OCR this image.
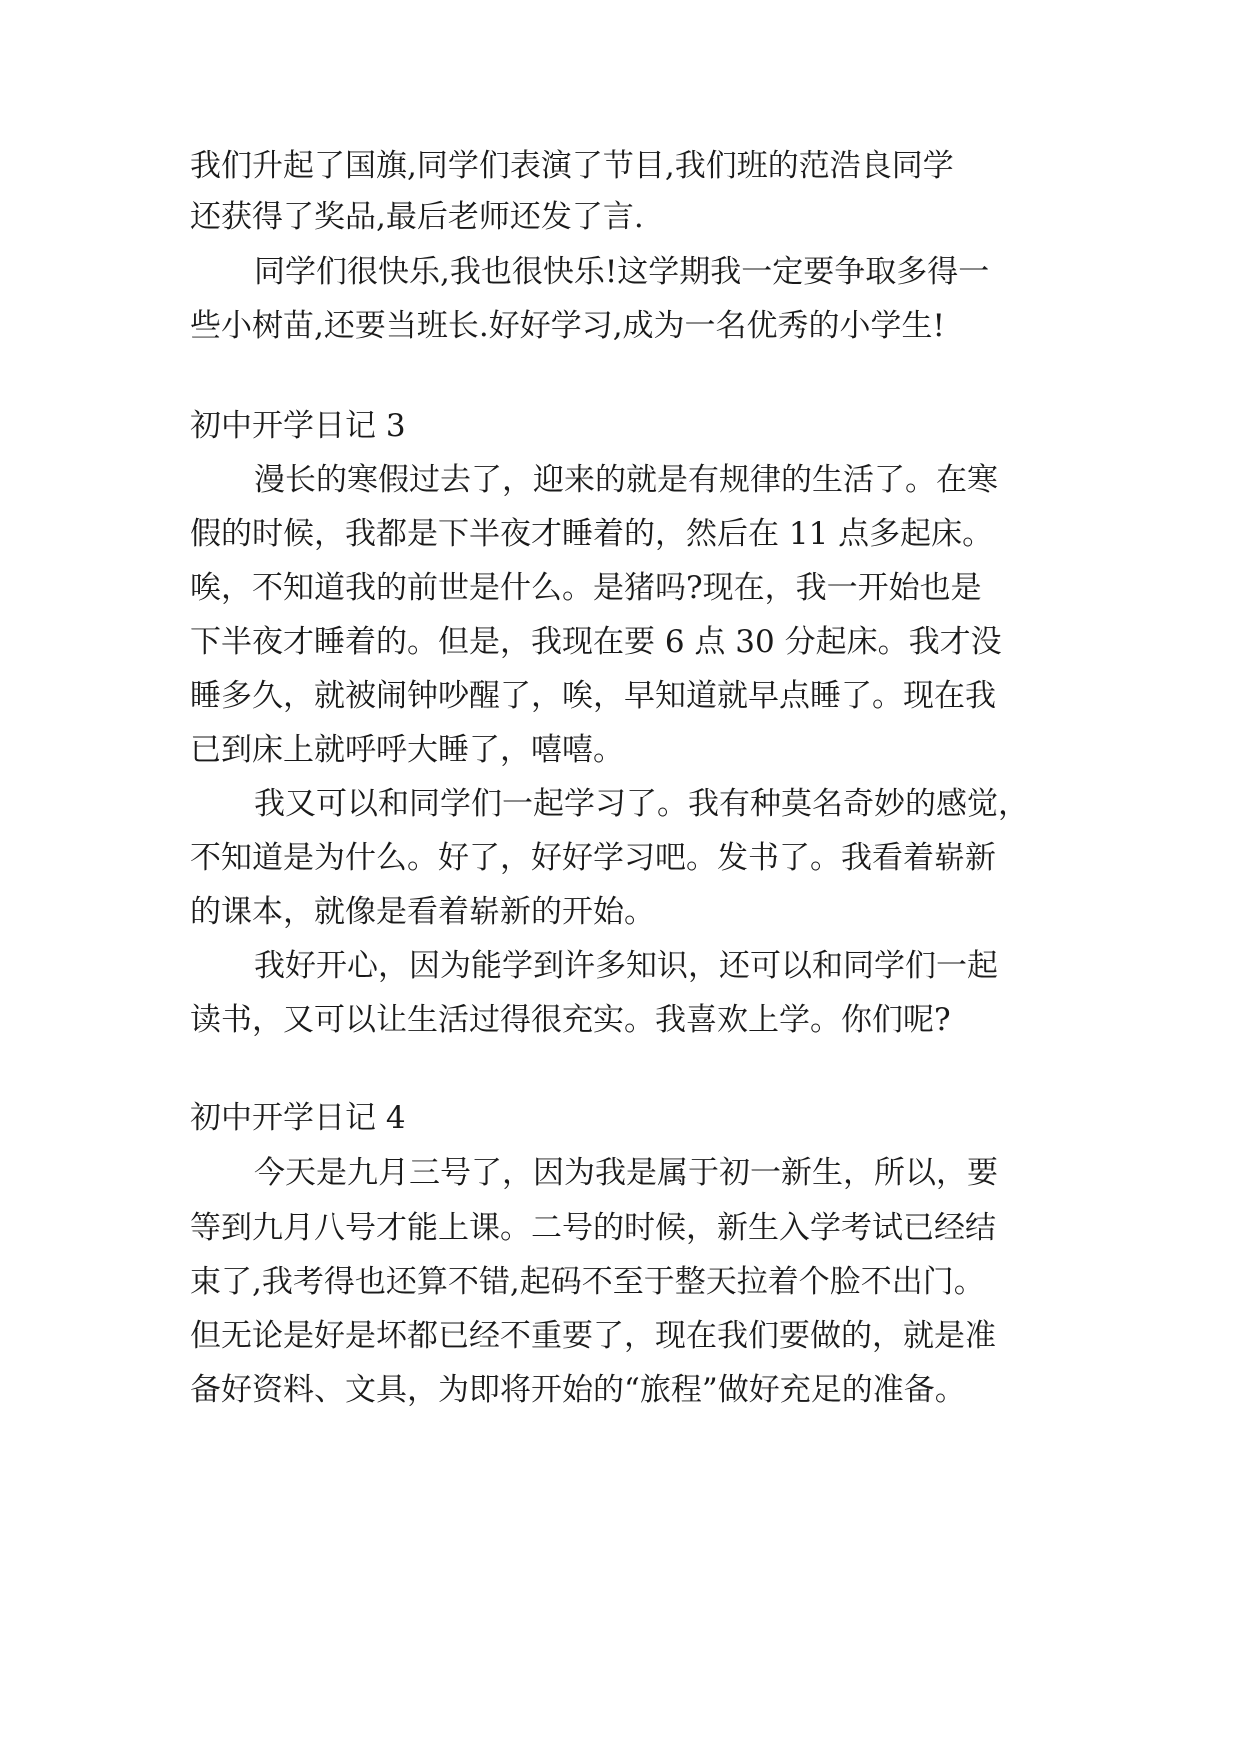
我们升起了国旗,同学们表演了节目,我们班的范浩良同学
还获得了奖品,最后老师还发了言.
同学们很快乐,我也很快乐!这学期我一定要争取多得一
些小树苗,还要当班长.好好学习,成为一名优秀的小学生!
初中开学日记 3
漫长的寒假过去了，迎来的就是有规律的生活了。在寒
假的时候，我都是下半夜才睡着的，然后在 11 点多起床。
唉，不知道我的前世是什么。是猪吗?现在，我一开始也是
下半夜才睡着的。但是，我现在要 6 点 30 分起床。我才没
睡多久，就被闹钟吵醒了，唉，早知道就早点睡了。现在我
已到床上就呼呼大睡了，嘻嘻。
我又可以和同学们一起学习了。我有种莫名奇妙的感觉，
不知道是为什么。好了，好好学习吧。发书了。我看着崭新
的课本，就像是看着崭新的开始。
我好开心，因为能学到许多知识，还可以和同学们一起
读书，又可以让生活过得很充实。我喜欢上学。你们呢?
初中开学日记 4
今天是九月三号了，因为我是属于初一新生，所以，要
等到九月八号才能上课。二号的时候，新生入学考试已经结
束了,我考得也还算不错,起码不至于整天拉着个脸不出门。
但无论是好是坏都已经不重要了，现在我们要做的，就是准
备好资料、文具，为即将开始的“旅程”做好充足的准备。
